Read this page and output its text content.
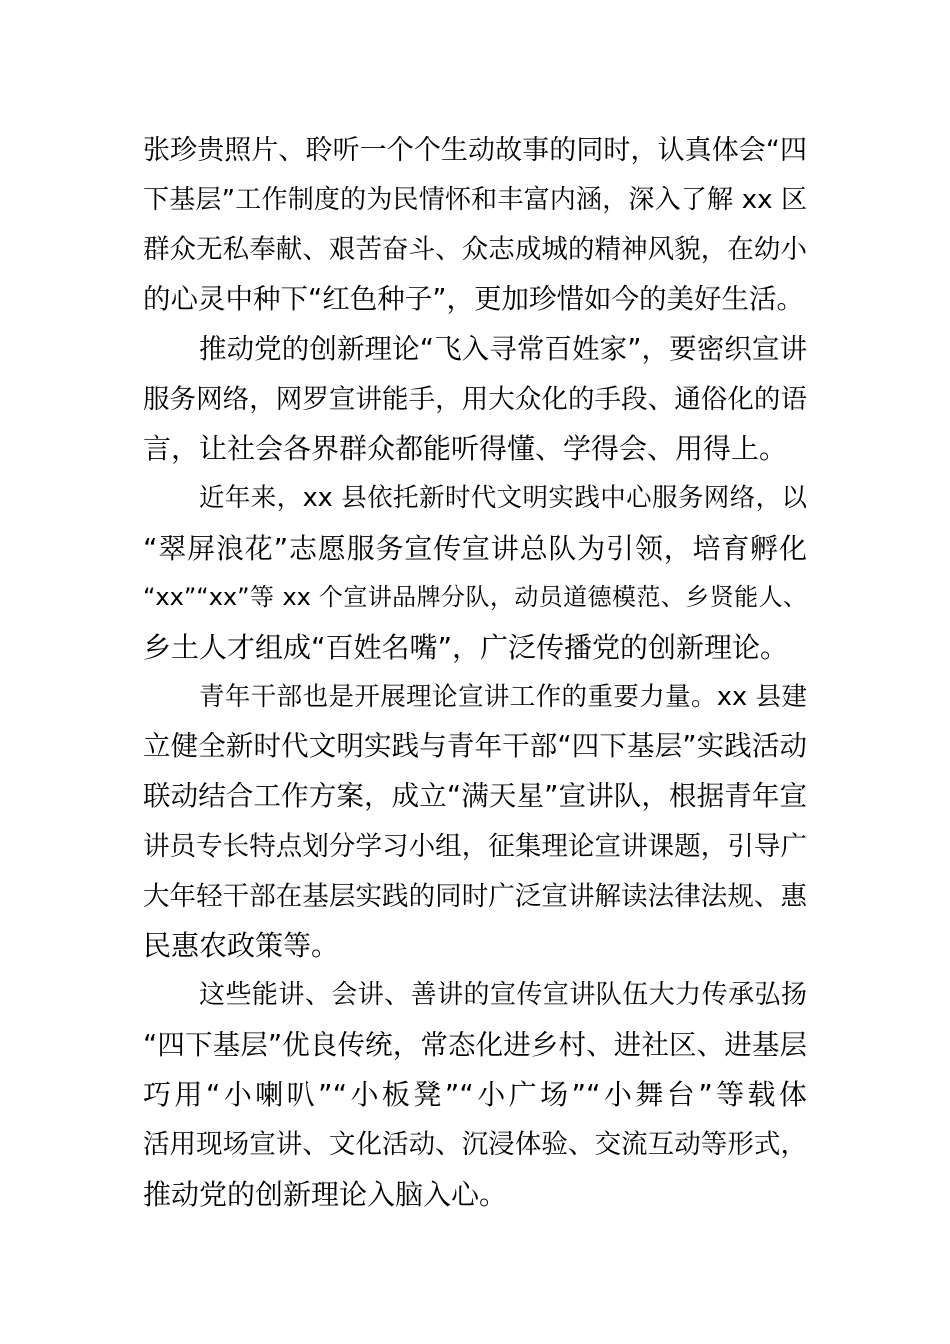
张珍贵照片、聆听一个个生动故事的同时，认真体会“四
下基层”工作制度的为民情怀和丰富内涵，深入了解 xx 区
群众无私奉献、艰苦奋斗、众志成城的精神风貌，在幼小
的心灵中种下“红色种子”，更加珍惜如今的美好生活。
推动党的创新理论“飞入寻常百姓家”，要密织宣讲
服务网络，网罗宣讲能手，用大众化的手段、通俗化的语
言，让社会各界群众都能听得懂、学得会、用得上。
近年来，xx 县依托新时代文明实践中心服务网络，以
“翠屏浪花”志愿服务宣传宣讲总队为引领，培育孵化
“xx”“xx”等 xx 个宣讲品牌分队，动员道德模范、乡贤能人、
乡土人才组成“百姓名嘴”，广泛传播党的创新理论。
青年干部也是开展理论宣讲工作的重要力量。xx 县建
立健全新时代文明实践与青年干部“四下基层”实践活动
联动结合工作方案，成立“满天星”宣讲队，根据青年宣
讲员专长特点划分学习小组，征集理论宣讲课题，引导广
大年轻干部在基层实践的同时广泛宣讲解读法律法规、惠
民惠农政策等。
这些能讲、会讲、善讲的宣传宣讲队伍大力传承弘扬
“四下基层”优良传统，常态化进乡村、进社区、进基层
巧用“小喇叭”“小板凳”“小广场”“小舞台”等载体
活用现场宣讲、文化活动、沉浸体验、交流互动等形式，
推动党的创新理论入脑入心。
